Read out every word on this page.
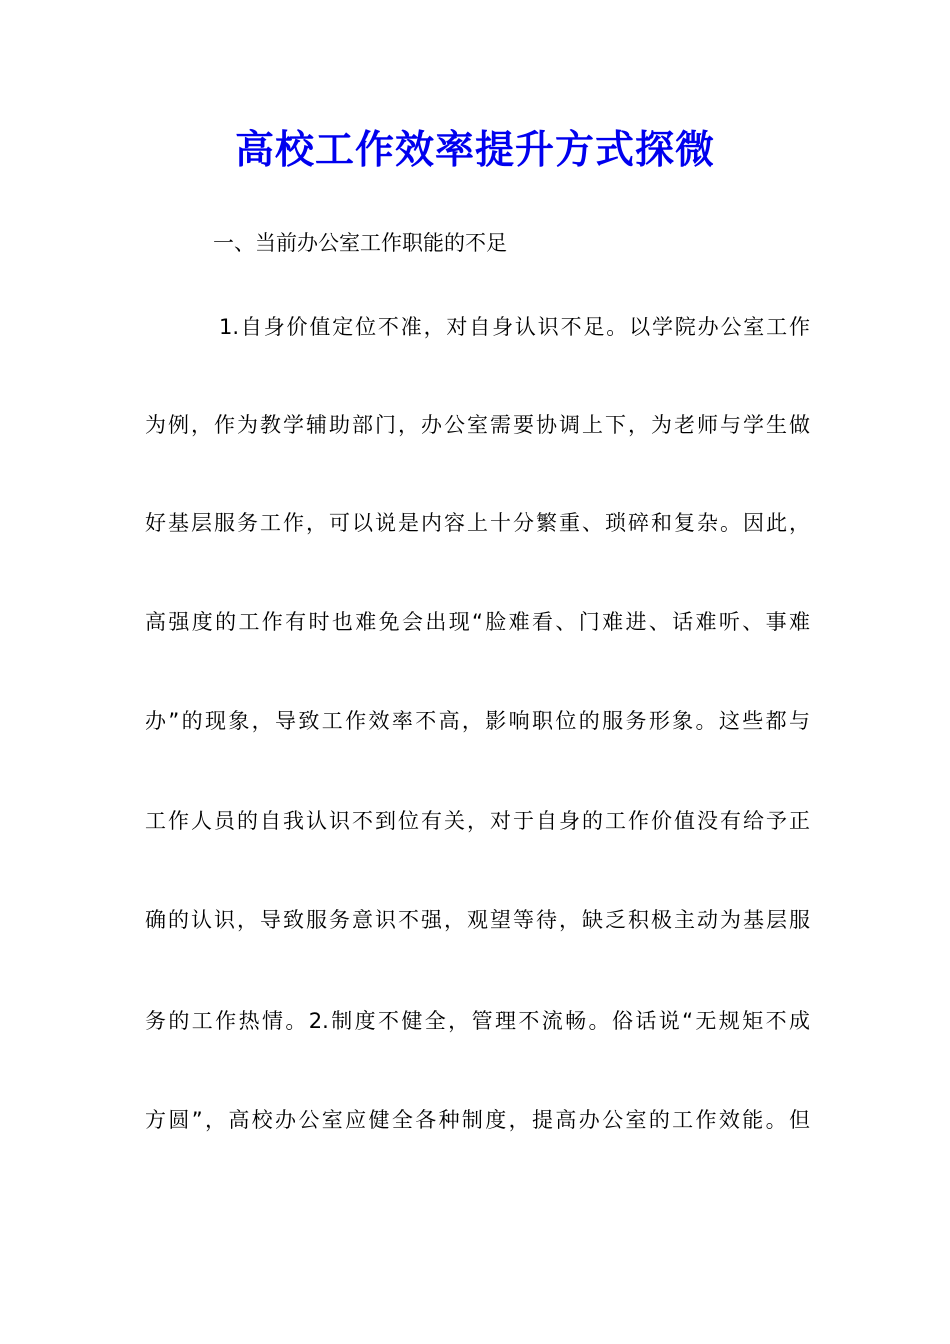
高校工作效率提升方式探微
一、当前办公室工作职能的不足
1.自身价值定位不准，对自身认识不足。以学院办公室工作
为例，作为教学辅助部门，办公室需要协调上下，为老师与学生做
好基层服务工作，可以说是内容上十分繁重、琐碎和复杂。因此，
高强度的工作有时也难免会出现“脸难看、门难进、话难听、事难
办”的现象，导致工作效率不高，影响职位的服务形象。这些都与
工作人员的自我认识不到位有关，对于自身的工作价值没有给予正
确的认识，导致服务意识不强，观望等待，缺乏积极主动为基层服
务的工作热情。2.制度不健全，管理不流畅。俗话说“无规矩不成
方圆”，高校办公室应健全各种制度，提高办公室的工作效能。但
